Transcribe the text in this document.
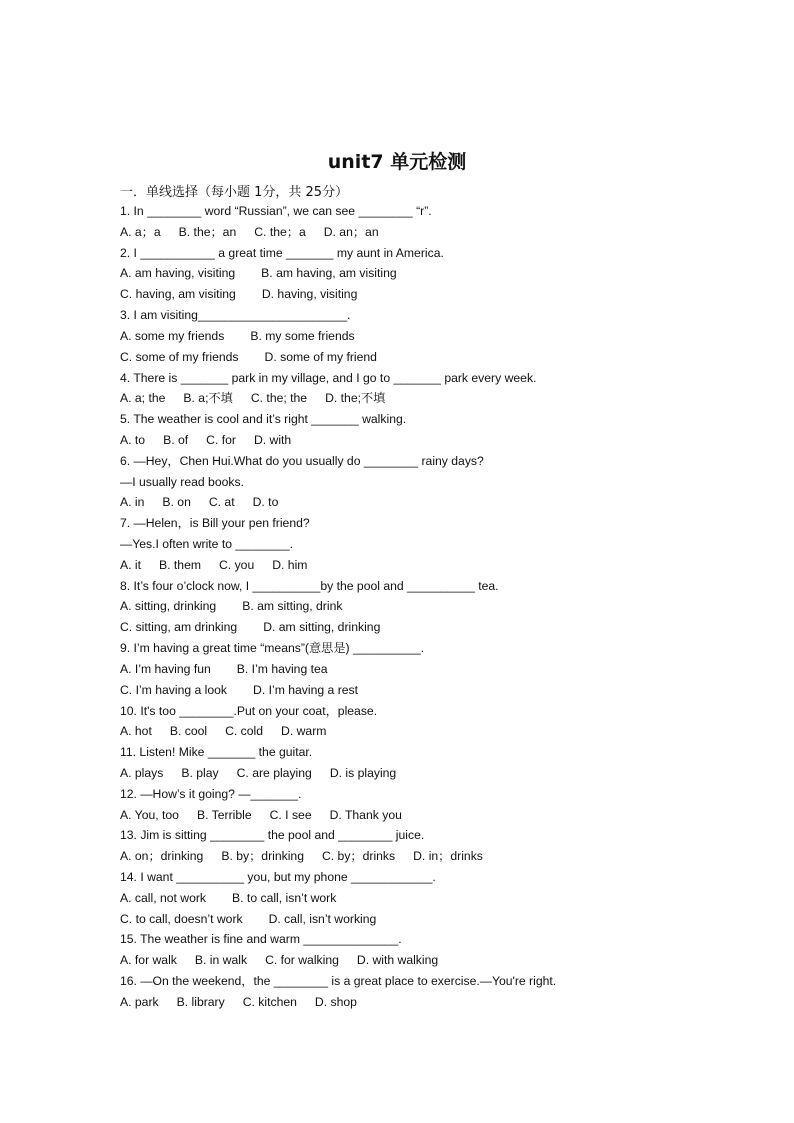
unit7 单元检测
一．单线选择（每小题 1分，共 25分）
1. In ________ word “Russian”, we can see ________ “r”.
A. a；a B. the；an C. the；a D. an；an
2. I ___________ a great time _______ my aunt in America.
A. am having, visiting B. am having, am visiting
C. having, am visiting D. having, visiting
3. I am visiting______________________.
A. some my friends B. my some friends
C. some of my friends D. some of my friend
4. There is _______ park in my village, and I go to _______ park every week.
A. a; the B. a;不填 C. the; the D. the;不填
5. The weather is cool and it’s right _______ walking.
A. to B. of C. for D. with
6. —Hey，Chen Hui.What do you usually do ________ rainy days?
—I usually read books.
A. in B. on C. at D. to
7. —Helen，is Bill your pen friend?
—Yes.I often write to ________.
A. it B. them C. you D. him
8. It’s four o’clock now, I __________by the pool and __________ tea.
A. sitting, drinking B. am sitting, drink
C. sitting, am drinking D. am sitting, drinking
9. I’m having a great time “means”(意思是) __________.
A. I’m having fun B. I’m having tea
C. I’m having a look D. I’m having a rest
10. It's too ________.Put on your coat，please.
A. hot B. cool C. cold D. warm
11. Listen! Mike _______ the guitar.
A. plays B. play C. are playing D. is playing
12. —How’s it going? —_______.
A. You, too B. Terrible C. I see D. Thank you
13. Jim is sitting ________ the pool and ________ juice.
A. on；drinking B. by；drinking C. by；drinks D. in；drinks
14. I want __________ you, but my phone ____________.
A. call, not work B. to call, isn’t work
C. to call, doesn’t work D. call, isn’t working
15. The weather is fine and warm ______________.
A. for walk B. in walk C. for walking D. with walking
16. —On the weekend，the ________ is a great place to exercise.—You're right.
A. park B. library C. kitchen D. shop
